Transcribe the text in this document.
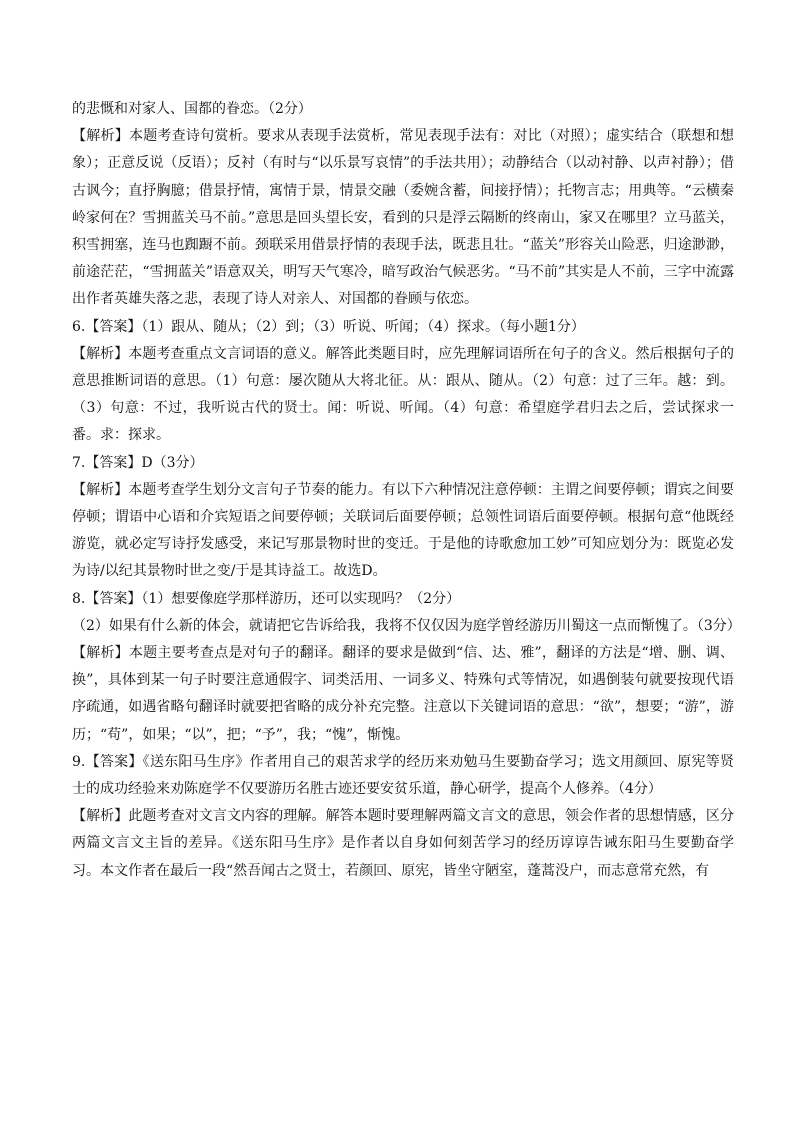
的悲慨和对家人、国都的眷恋。（2分）

【解析】本题考查诗句赏析。要求从表现手法赏析，常见表现手法有：对比（对照）；虚实结合（联想和想象）；正意反说（反语）；反衬（有时与“以乐景写哀情”的手法共用）；动静结合（以动衬静、以声衬静）；借古讽今；直抒胸臆；借景抒情，寓情于景，情景交融（委婉含蓄，间接抒情）；托物言志；用典等。“云横秦岭家何在？雪拥蓝关马不前。”意思是回头望长安，看到的只是浮云隔断的终南山，家又在哪里？立马蓝关，积雪拥塞，连马也踟蹰不前。颈联采用借景抒情的表现手法，既悲且壮。“蓝关”形容关山险恶，归途渺渺，前途茫茫，“雪拥蓝关”语意双关，明写天气寒冷，暗写政治气候恶劣。“马不前”其实是人不前，三字中流露出作者英雄失落之悲，表现了诗人对亲人、对国都的眷顾与依恋。

6.【答案】（1）跟从、随从；（2）到；（3）听说、听闻；（4）探求。（每小题1分）

【解析】本题考查重点文言词语的意义。解答此类题目时，应先理解词语所在句子的含义。然后根据句子的意思推断词语的意思。（1）句意：屡次随从大将北征。从：跟从、随从。（2）句意：过了三年。越：到。（3）句意：不过，我听说古代的贤士。闻：听说、听闻。（4）句意：希望庭学君归去之后，尝试探求一番。求：探求。

7.【答案】D（3分）

【解析】本题考查学生划分文言句子节奏的能力。有以下六种情况注意停顿：主谓之间要停顿；谓宾之间要停顿；谓语中心语和介宾短语之间要停顿；关联词后面要停顿；总领性词语后面要停顿。根据句意“他既经游览，就必定写诗抒发感受，来记写那景物时世的变迁。于是他的诗歌愈加工妙”可知应划分为：既览必发为诗/以纪其景物时世之变/于是其诗益工。故选D。

8.【答案】（1）想要像庭学那样游历，还可以实现吗？（2分）

（2）如果有什么新的体会，就请把它告诉给我，我将不仅仅因为庭学曾经游历川蜀这一点而惭愧了。（3分）

【解析】本题主要考查点是对句子的翻译。翻译的要求是做到“信、达、雅”，翻译的方法是“增、删、调、换”，具体到某一句子时要注意通假字、词类活用、一词多义、特殊句式等情况，如遇倒装句就要按现代语序疏通，如遇省略句翻译时就要把省略的成分补充完整。注意以下关键词语的意思：“欲”，想要；“游”，游历；“苟”，如果；“以”，把；“予”，我；“愧”，惭愧。

9.【答案】《送东阳马生序》作者用自己的艰苦求学的经历来劝勉马生要勤奋学习；选文用颜回、原宪等贤士的成功经验来劝陈庭学不仅要游历名胜古迹还要安贫乐道，静心研学，提高个人修养。（4分）

【解析】此题考查对文言文内容的理解。解答本题时要理解两篇文言文的意思，领会作者的思想情感，区分两篇文言文主旨的差异。《送东阳马生序》是作者以自身如何刻苦学习的经历谆谆告诫东阳马生要勤奋学习。本文作者在最后一段“然吾闻古之贤士，若颜回、原宪，皆坐守陋室，蓬蒿没户，而志意常充然，有
